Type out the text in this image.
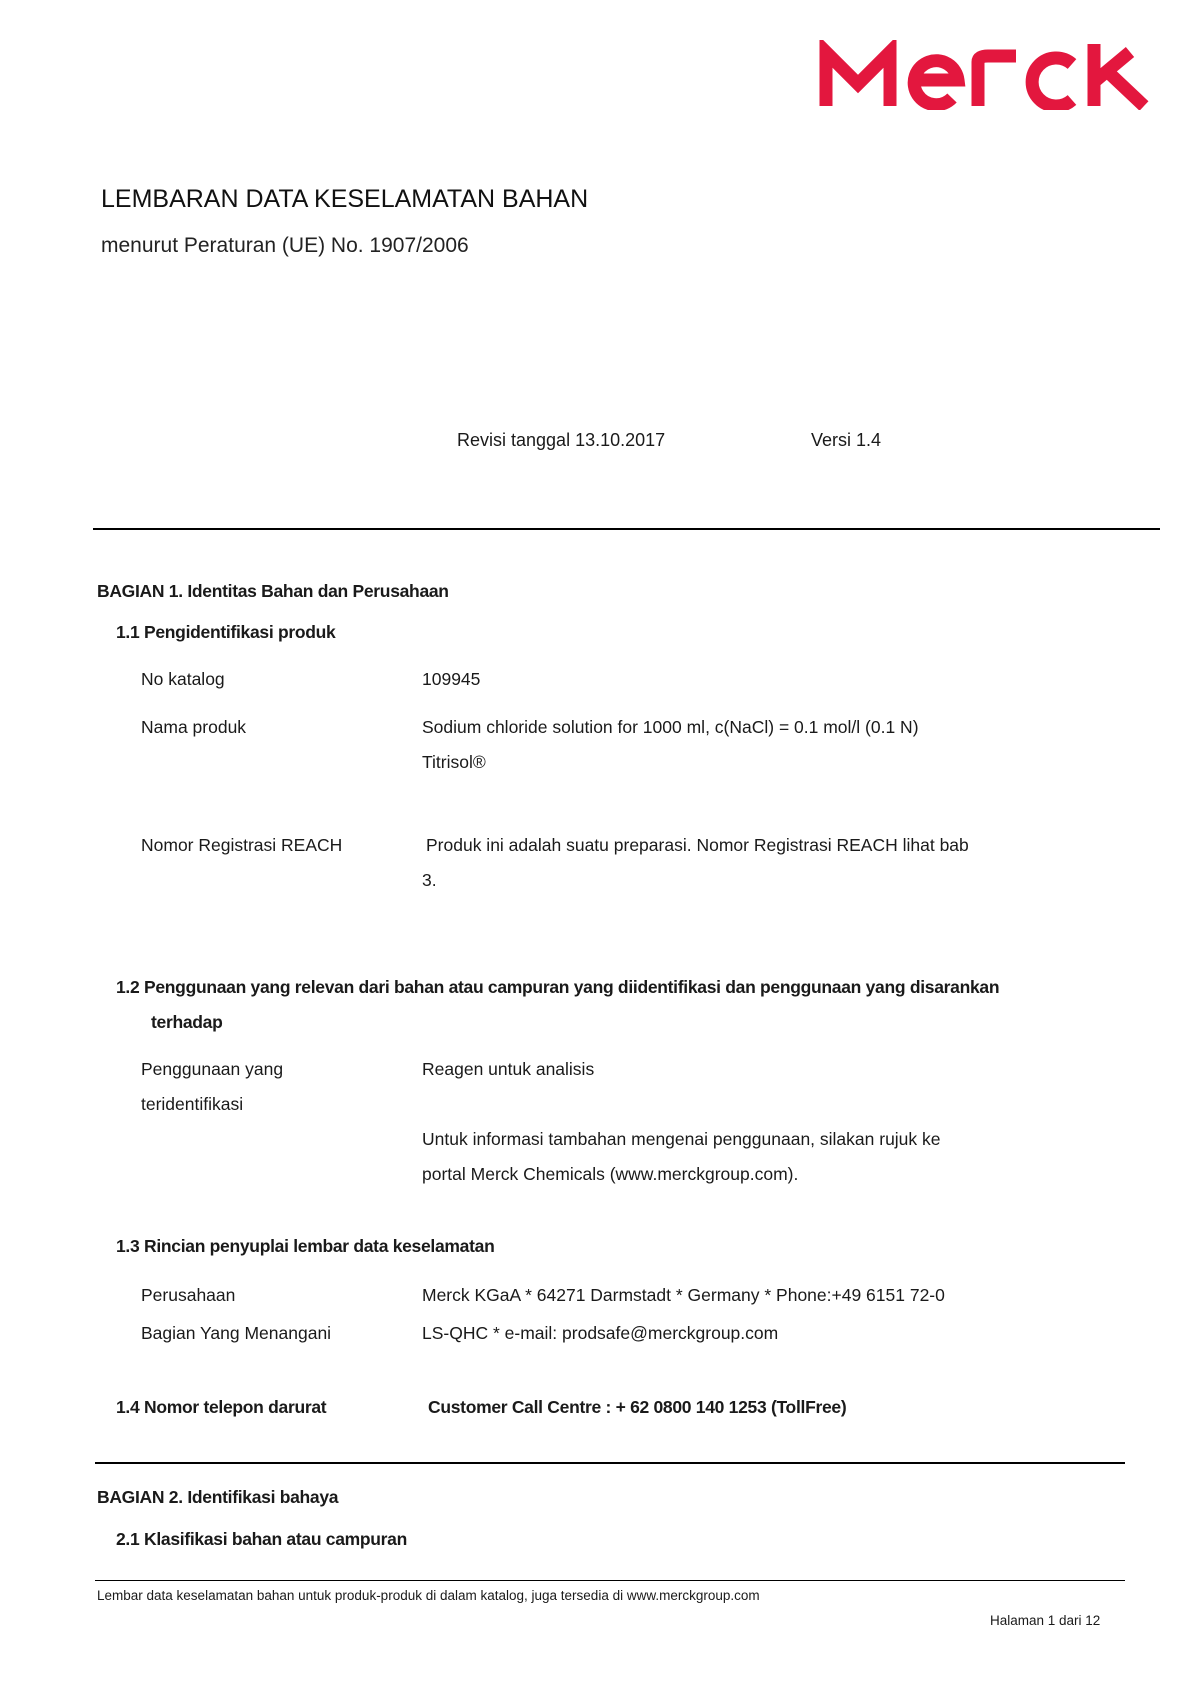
LEMBARAN DATA KESELAMATAN BAHAN
menurut Peraturan (UE) No. 1907/2006
Revisi tanggal 13.10.2017	Versi 1.4
BAGIAN 1. Identitas Bahan dan Perusahaan
1.1 Pengidentifikasi produk
No katalog	109945
Nama produk	Sodium chloride solution for 1000 ml, c(NaCl) = 0.1 mol/l (0.1 N)
Titrisol®
Nomor Registrasi REACH	Produk ini adalah suatu preparasi. Nomor Registrasi REACH lihat bab
3.
1.2 Penggunaan yang relevan dari bahan atau campuran yang diidentifikasi dan penggunaan yang disarankan
terhadap
Penggunaan yang
teridentifikasi
Reagen untuk analisis
Untuk informasi tambahan mengenai penggunaan, silakan rujuk ke
portal Merck Chemicals (www.merckgroup.com).
1.3 Rincian penyuplai lembar data keselamatan
Perusahaan	Merck KGaA * 64271 Darmstadt * Germany * Phone:+49 6151 72-0
Bagian Yang Menangani	LS-QHC * e-mail: prodsafe@merckgroup.com
1.4 Nomor telepon darurat	Customer Call Centre : + 62 0800 140 1253 (TollFree)
BAGIAN 2. Identifikasi bahaya
2.1 Klasifikasi bahan atau campuran
Lembar data keselamatan bahan untuk produk-produk di dalam katalog, juga tersedia di www.merckgroup.com
Halaman 1 dari 12
